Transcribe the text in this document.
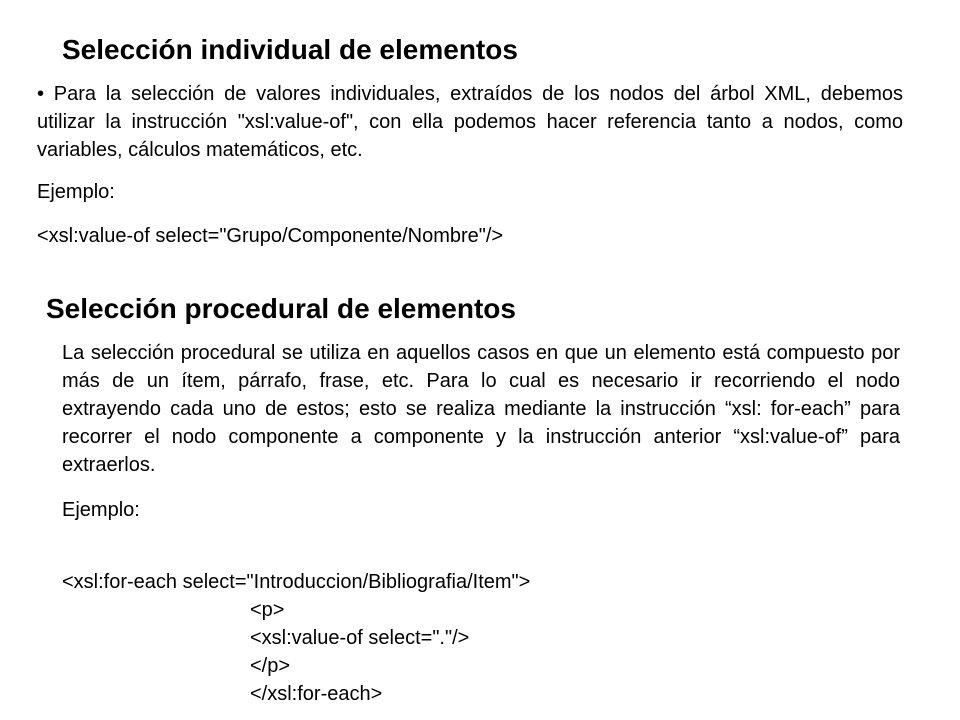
Selección individual de elementos

• Para la selección de valores individuales, extraídos de los nodos del árbol XML, debemos utilizar la instrucción "xsl:value-of", con ella podemos hacer referencia tanto a nodos, como variables, cálculos matemáticos, etc.

Ejemplo:

<xsl:value-of select="Grupo/Componente/Nombre"/>

Selección procedural de elementos

La selección procedural se utiliza en aquellos casos en que un elemento está compuesto por más de un ítem, párrafo, frase, etc. Para lo cual es necesario ir recorriendo el nodo extrayendo cada uno de estos; esto se realiza mediante la instrucción “xsl: for-each” para recorrer el nodo componente a componente y la instrucción anterior “xsl:value-of” para extraerlos.

Ejemplo:

<xsl:for-each select="Introduccion/Bibliografia/Item">

<p>

<xsl:value-of select="."/>

</p>

</xsl:for-each>
